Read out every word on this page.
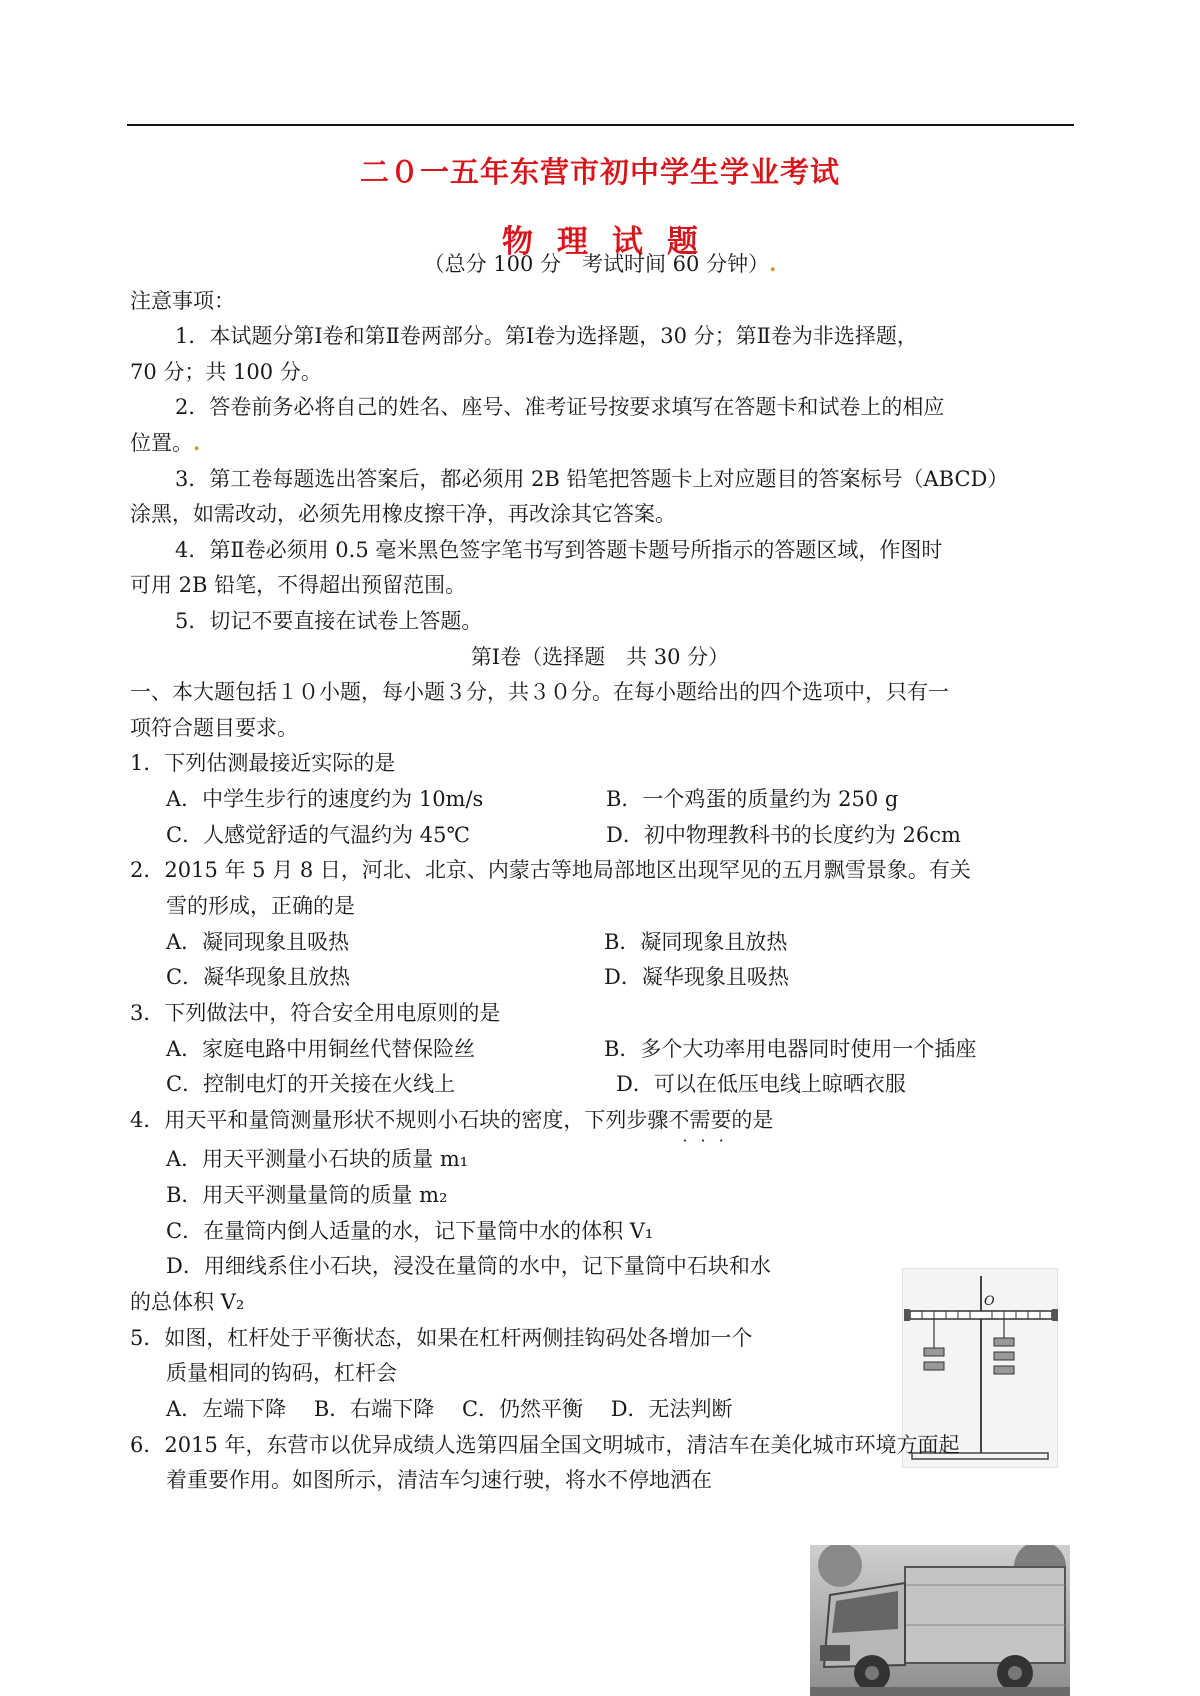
二０一五年东营市初中学生学业考试
物 理 试 题
（总分 100 分　考试时间 60 分钟）.
注意事项：
1．本试题分第Ⅰ卷和第Ⅱ卷两部分。第Ⅰ卷为选择题，30 分；第Ⅱ卷为非选择题，
70 分；共 100 分。
2．答卷前务必将自己的姓名、座号、准考证号按要求填写在答题卡和试卷上的相应
位置。.
3．第工卷每题选出答案后，都必须用 2B 铅笔把答题卡上对应题目的答案标号（ABCD）
涂黑，如需改动，必须先用橡皮擦干净，再改涂其它答案。
4．第Ⅱ卷必须用 0.5 毫米黑色签字笔书写到答题卡题号所指示的答题区域，作图时
可用 2B 铅笔，不得超出预留范围。
5．切记不要直接在试卷上答题。
第Ⅰ卷（选择题　共 30 分）
一、本大题包括１０小题，每小题３分，共３０分。在每小题给出的四个选项中，只有一
项符合题目要求。
1．下列估测最接近实际的是
A．中学生步行的速度约为 10m/s	B．一个鸡蛋的质量约为 250 g
C．人感觉舒适的气温约为 45℃	D．初中物理教科书的长度约为 26cm
2．2015 年 5 月 8 日，河北、北京、内蒙古等地局部地区出现罕见的五月飘雪景象。有关
雪的形成，正确的是
A．凝同现象且吸热	B．凝同现象且放热
C．凝华现象且放热	D．凝华现象且吸热
3．下列做法中，符合安全用电原则的是
A．家庭电路中用铜丝代替保险丝	B．多个大功率用电器同时使用一个插座
C．控制电灯的开关接在火线上	D．可以在低压电线上晾晒衣服
4．用天平和量筒测量形状不规则小石块的密度，下列步骤不需要 · · ·的是
A．用天平测量小石块的质量 m₁
B．用天平测量量筒的质量 m₂
C．在量筒内倒人适量的水，记下量筒中水的体积 V₁
D．用细线系住小石块，浸没在量筒的水中，记下量筒中石块和水
的总体积 V₂
5．如图，杠杆处于平衡状态，如果在杠杆两侧挂钩码处各增加一个
质量相同的钩码，杠杆会
A．左端下降　 B．右端下降　 C．仍然平衡　 D．无法判断
O
6．2015 年，东营市以优异成绩人选第四届全国文明城市，清洁车在美化城市环境方面起
着重要作用。如图所示，清洁车匀速行驶，将水不停地洒在
